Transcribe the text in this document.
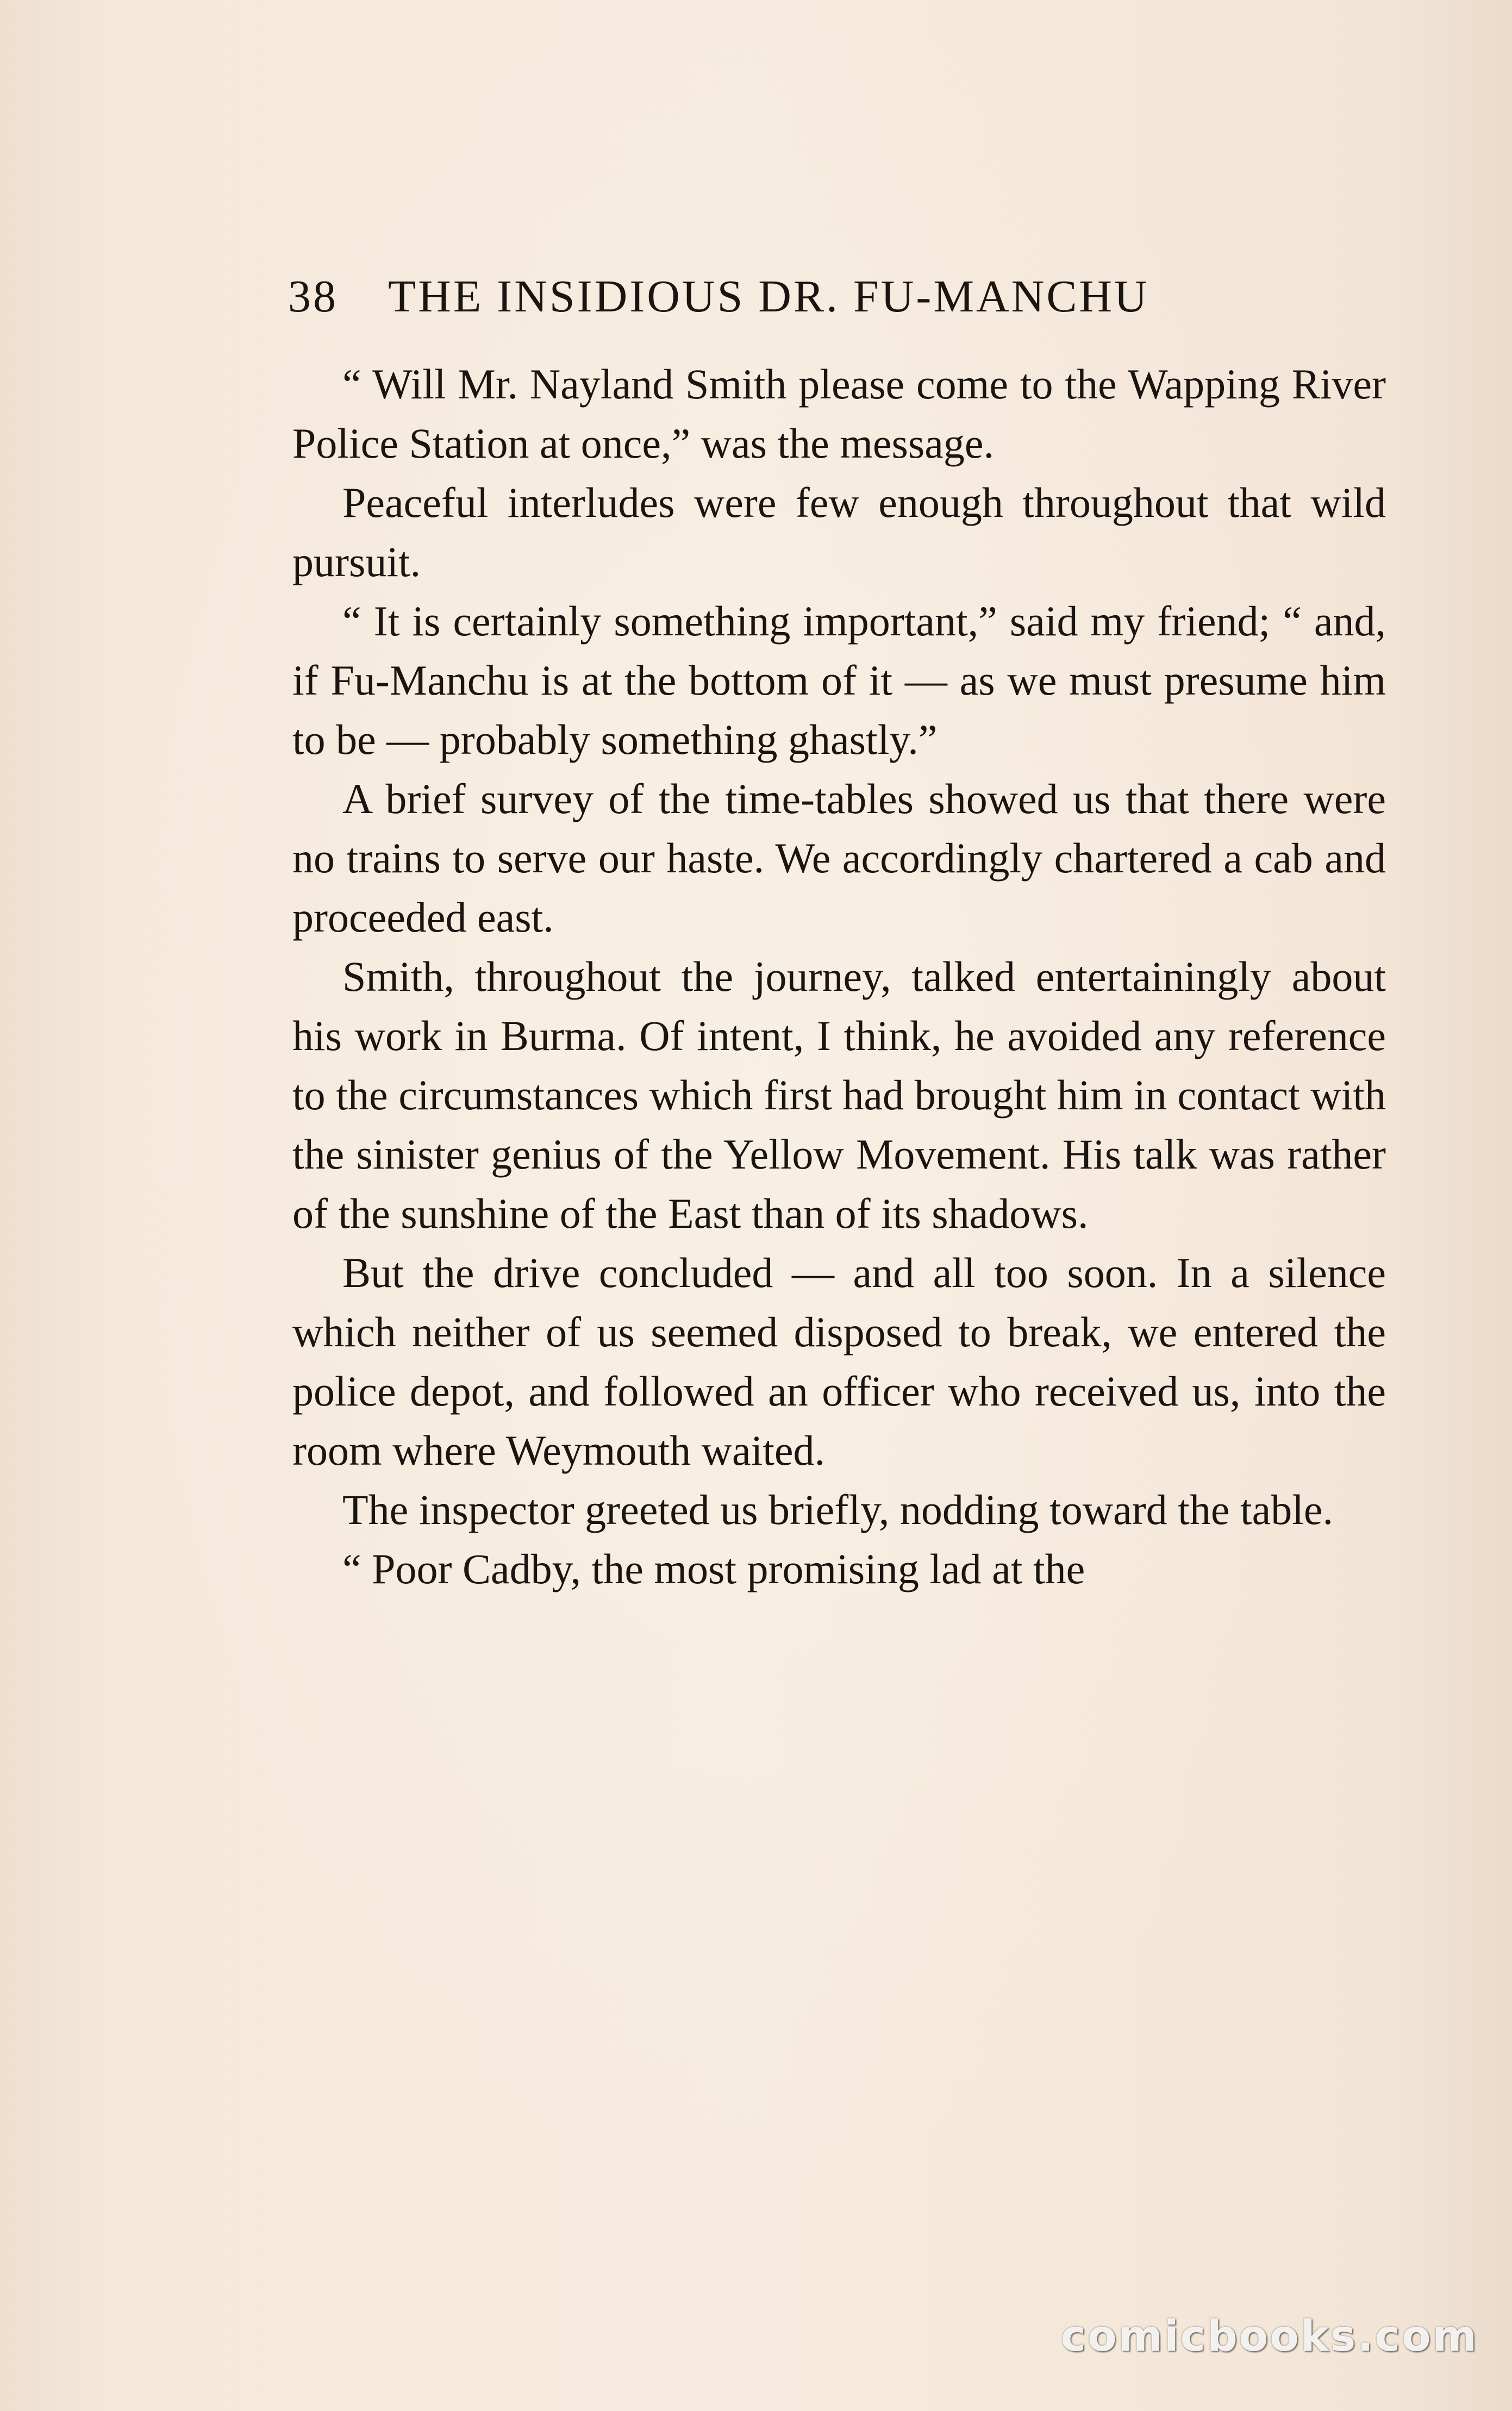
38 THE INSIDIOUS DR. FU-MANCHU

“ Will Mr. Nayland Smith please come to the Wapping River Police Station at once,” was the message.

Peaceful interludes were few enough throughout that wild pursuit.

“ It is certainly something important,” said my friend; “ and, if Fu-Manchu is at the bottom of it — as we must presume him to be — probably something ghastly.”

A brief survey of the time-tables showed us that there were no trains to serve our haste. We accordingly chartered a cab and proceeded east.

Smith, throughout the journey, talked entertainingly about his work in Burma. Of intent, I think, he avoided any reference to the circumstances which first had brought him in contact with the sinister genius of the Yellow Movement. His talk was rather of the sunshine of the East than of its shadows.

But the drive concluded — and all too soon. In a silence which neither of us seemed disposed to break, we entered the police depot, and followed an officer who received us, into the room where Weymouth waited.

The inspector greeted us briefly, nodding toward the table.

“ Poor Cadby, the most promising lad at the

comicbooks.com
